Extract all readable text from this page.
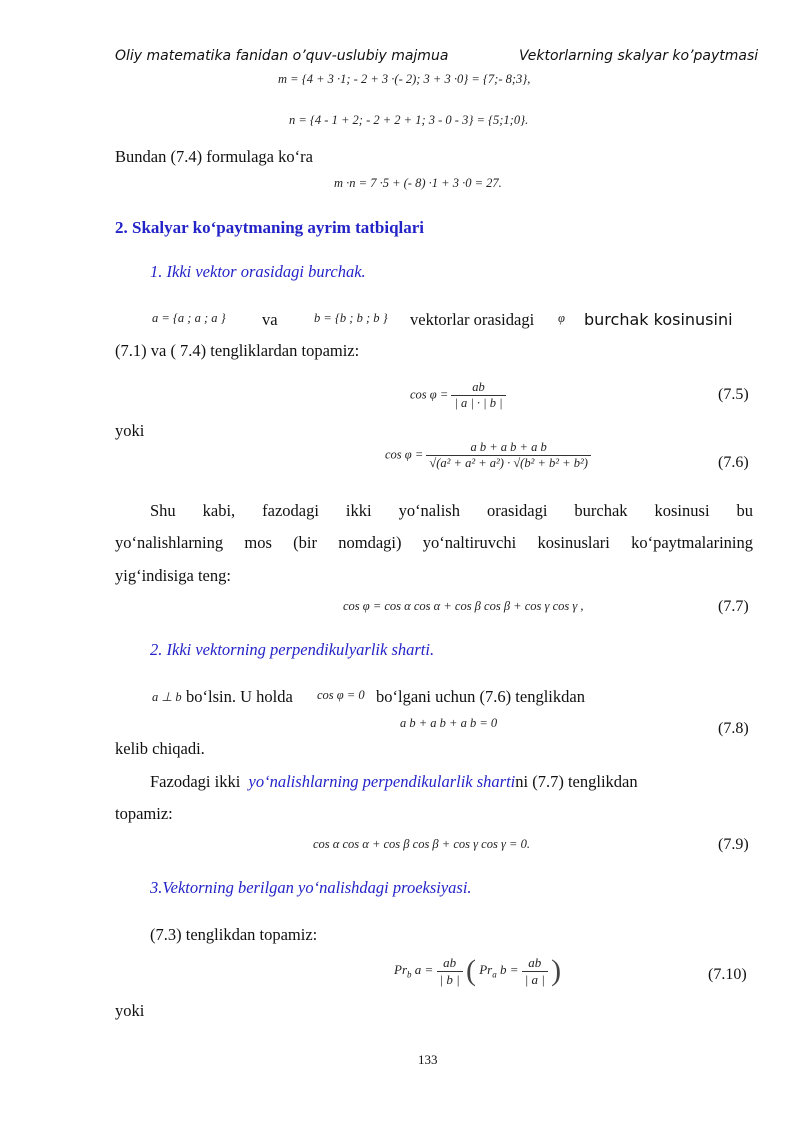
Oliy matematika fanidan o’quv-uslubiy majmua	Vektorlarning skalyar ko’paytmasi
m = {4 + 3 ·1; - 2 + 3 ·(- 2); 3 + 3 ·0} = {7;- 8;3},
n = {4 - 1 + 2; - 2 + 2 + 1; 3 - 0 - 3} = {5;1;0}.
Bundan (7.4) formulaga ko‘ra
m ·n = 7 ·5 + (- 8) ·1 + 3 ·0 = 27.
2. Skalyar ko‘paytmaning ayrim tatbiqlari
1. Ikki vektor orasidagi burchak.
a = {a ; a ; a } va	b = {b ; b ; b } vektorlar orasidagi φ burchak kosinusini
(7.1) va ( 7.4) tengliklardan topamiz:
$\cos \varphi = \frac{ab}{| a | \cdot | b |}$	(7.5)
yoki
$\cos \varphi = \frac{\text{a b + a b + a b}}{\text{√(a² + a² + a²) · √(b² + b² + b²)}}$	(7.6)
Shu kabi, fazodagi ikki yo‘nalish orasidagi burchak kosinusi bu
yo‘nalishlarning mos (bir nomdagi) yo‘naltiruvchi kosinuslari ko‘paytmalarining
yig‘indisiga teng:
cos φ = cos α cos α + cos β cos β + cos γ cos γ ,	(7.7)
2. Ikki vektorning perpendikulyarlik sharti.
a ⊥ b bo‘lsin. U holda cos φ = 0 bo‘lgani uchun (7.6) tenglikdan
a b + a b + a b = 0	(7.8)
kelib chiqadi.
Fazodagi ikki yo‘nalishlarning perpendikularlik shartini (7.7) tenglikdan
topamiz:
cos α cos α + cos β cos β + cos γ cos γ = 0.	(7.9)
3.Vektorning berilgan yo‘nalishdagi proeksiyasi.
(7.3) tenglikdan topamiz:
$Pr_b$ $a = \frac{ab}{| b |}$ ( $Pr_a$ $b = \frac{ab}{| a |}$ )	(7.10)
yoki
133
